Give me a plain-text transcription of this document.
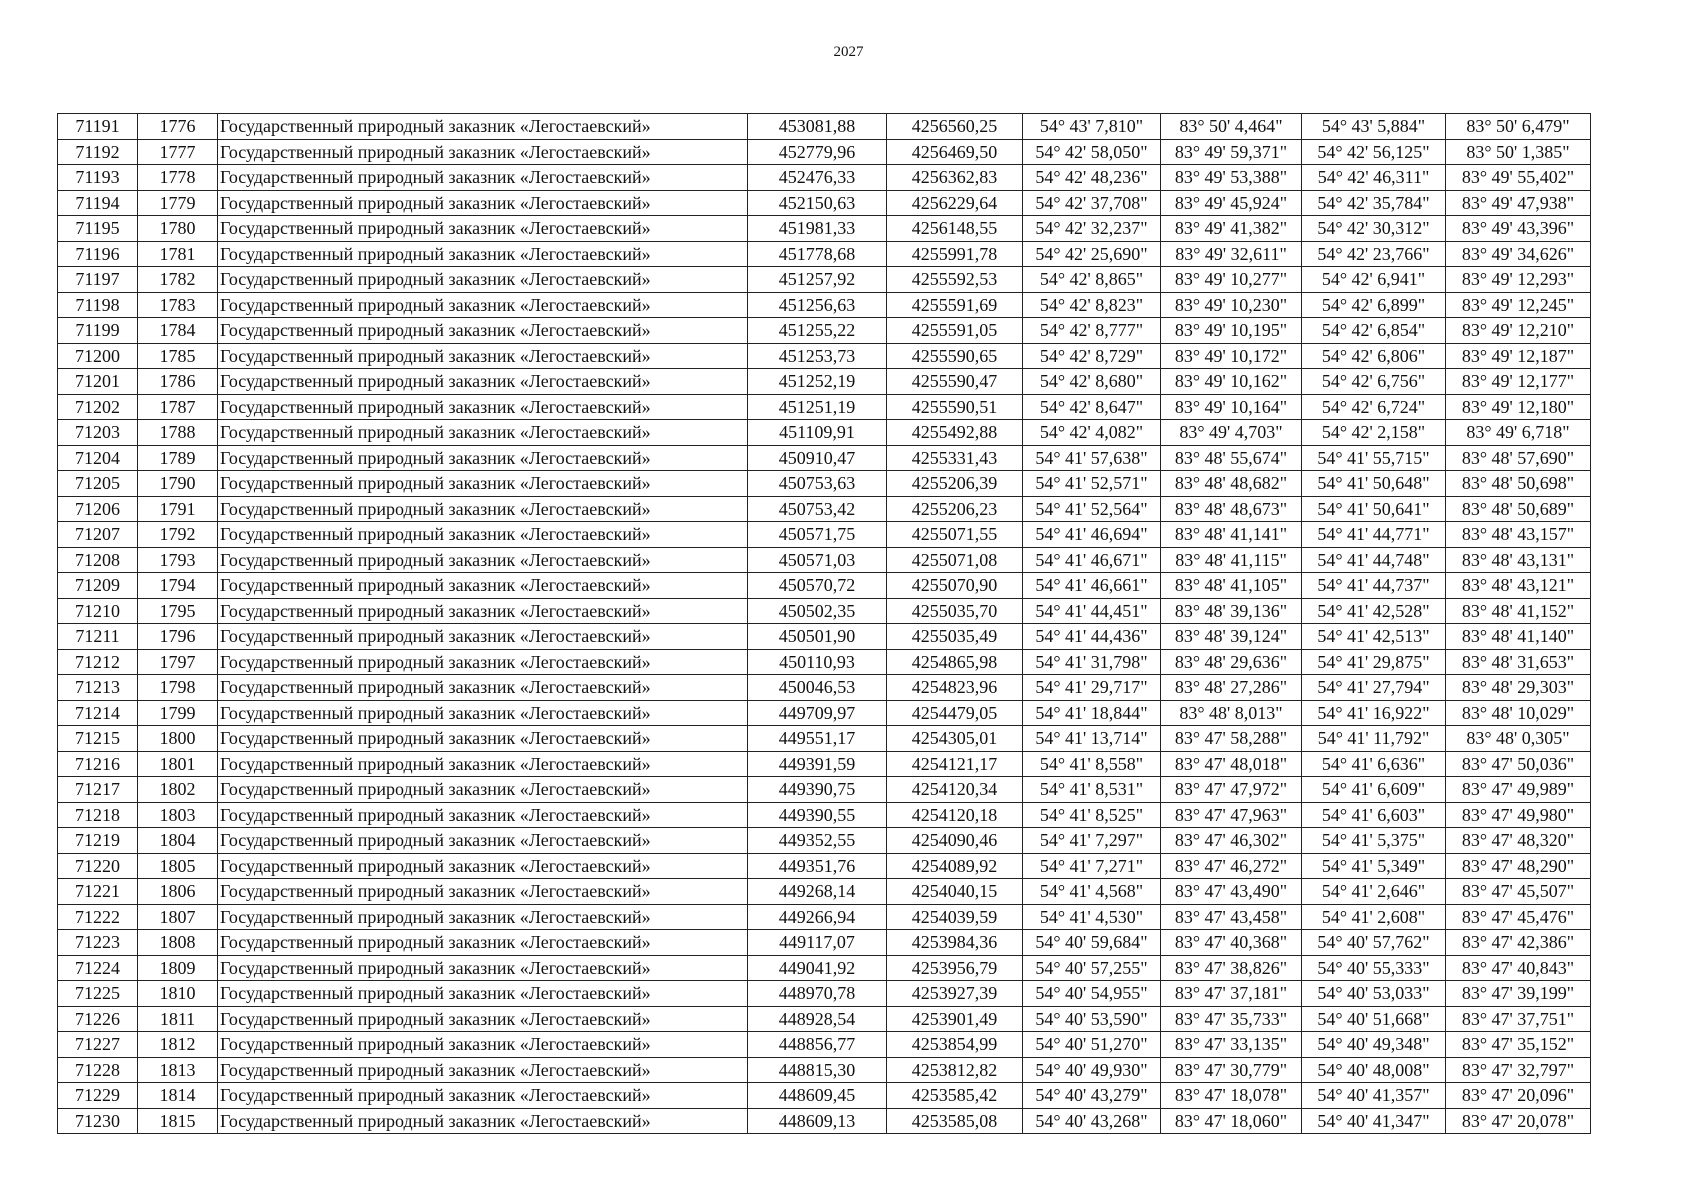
2027
71191	1776	Государственный природный заказник «Легостаевский»	453081,88	4256560,25	54° 43' 7,810"	83° 50' 4,464"	54° 43' 5,884"	83° 50' 6,479"
71192	1777	Государственный природный заказник «Легостаевский»	452779,96	4256469,50	54° 42' 58,050"	83° 49' 59,371"	54° 42' 56,125"	83° 50' 1,385"
71193	1778	Государственный природный заказник «Легостаевский»	452476,33	4256362,83	54° 42' 48,236"	83° 49' 53,388"	54° 42' 46,311"	83° 49' 55,402"
71194	1779	Государственный природный заказник «Легостаевский»	452150,63	4256229,64	54° 42' 37,708"	83° 49' 45,924"	54° 42' 35,784"	83° 49' 47,938"
71195	1780	Государственный природный заказник «Легостаевский»	451981,33	4256148,55	54° 42' 32,237"	83° 49' 41,382"	54° 42' 30,312"	83° 49' 43,396"
71196	1781	Государственный природный заказник «Легостаевский»	451778,68	4255991,78	54° 42' 25,690"	83° 49' 32,611"	54° 42' 23,766"	83° 49' 34,626"
71197	1782	Государственный природный заказник «Легостаевский»	451257,92	4255592,53	54° 42' 8,865"	83° 49' 10,277"	54° 42' 6,941"	83° 49' 12,293"
71198	1783	Государственный природный заказник «Легостаевский»	451256,63	4255591,69	54° 42' 8,823"	83° 49' 10,230"	54° 42' 6,899"	83° 49' 12,245"
71199	1784	Государственный природный заказник «Легостаевский»	451255,22	4255591,05	54° 42' 8,777"	83° 49' 10,195"	54° 42' 6,854"	83° 49' 12,210"
71200	1785	Государственный природный заказник «Легостаевский»	451253,73	4255590,65	54° 42' 8,729"	83° 49' 10,172"	54° 42' 6,806"	83° 49' 12,187"
71201	1786	Государственный природный заказник «Легостаевский»	451252,19	4255590,47	54° 42' 8,680"	83° 49' 10,162"	54° 42' 6,756"	83° 49' 12,177"
71202	1787	Государственный природный заказник «Легостаевский»	451251,19	4255590,51	54° 42' 8,647"	83° 49' 10,164"	54° 42' 6,724"	83° 49' 12,180"
71203	1788	Государственный природный заказник «Легостаевский»	451109,91	4255492,88	54° 42' 4,082"	83° 49' 4,703"	54° 42' 2,158"	83° 49' 6,718"
71204	1789	Государственный природный заказник «Легостаевский»	450910,47	4255331,43	54° 41' 57,638"	83° 48' 55,674"	54° 41' 55,715"	83° 48' 57,690"
71205	1790	Государственный природный заказник «Легостаевский»	450753,63	4255206,39	54° 41' 52,571"	83° 48' 48,682"	54° 41' 50,648"	83° 48' 50,698"
71206	1791	Государственный природный заказник «Легостаевский»	450753,42	4255206,23	54° 41' 52,564"	83° 48' 48,673"	54° 41' 50,641"	83° 48' 50,689"
71207	1792	Государственный природный заказник «Легостаевский»	450571,75	4255071,55	54° 41' 46,694"	83° 48' 41,141"	54° 41' 44,771"	83° 48' 43,157"
71208	1793	Государственный природный заказник «Легостаевский»	450571,03	4255071,08	54° 41' 46,671"	83° 48' 41,115"	54° 41' 44,748"	83° 48' 43,131"
71209	1794	Государственный природный заказник «Легостаевский»	450570,72	4255070,90	54° 41' 46,661"	83° 48' 41,105"	54° 41' 44,737"	83° 48' 43,121"
71210	1795	Государственный природный заказник «Легостаевский»	450502,35	4255035,70	54° 41' 44,451"	83° 48' 39,136"	54° 41' 42,528"	83° 48' 41,152"
71211	1796	Государственный природный заказник «Легостаевский»	450501,90	4255035,49	54° 41' 44,436"	83° 48' 39,124"	54° 41' 42,513"	83° 48' 41,140"
71212	1797	Государственный природный заказник «Легостаевский»	450110,93	4254865,98	54° 41' 31,798"	83° 48' 29,636"	54° 41' 29,875"	83° 48' 31,653"
71213	1798	Государственный природный заказник «Легостаевский»	450046,53	4254823,96	54° 41' 29,717"	83° 48' 27,286"	54° 41' 27,794"	83° 48' 29,303"
71214	1799	Государственный природный заказник «Легостаевский»	449709,97	4254479,05	54° 41' 18,844"	83° 48' 8,013"	54° 41' 16,922"	83° 48' 10,029"
71215	1800	Государственный природный заказник «Легостаевский»	449551,17	4254305,01	54° 41' 13,714"	83° 47' 58,288"	54° 41' 11,792"	83° 48' 0,305"
71216	1801	Государственный природный заказник «Легостаевский»	449391,59	4254121,17	54° 41' 8,558"	83° 47' 48,018"	54° 41' 6,636"	83° 47' 50,036"
71217	1802	Государственный природный заказник «Легостаевский»	449390,75	4254120,34	54° 41' 8,531"	83° 47' 47,972"	54° 41' 6,609"	83° 47' 49,989"
71218	1803	Государственный природный заказник «Легостаевский»	449390,55	4254120,18	54° 41' 8,525"	83° 47' 47,963"	54° 41' 6,603"	83° 47' 49,980"
71219	1804	Государственный природный заказник «Легостаевский»	449352,55	4254090,46	54° 41' 7,297"	83° 47' 46,302"	54° 41' 5,375"	83° 47' 48,320"
71220	1805	Государственный природный заказник «Легостаевский»	449351,76	4254089,92	54° 41' 7,271"	83° 47' 46,272"	54° 41' 5,349"	83° 47' 48,290"
71221	1806	Государственный природный заказник «Легостаевский»	449268,14	4254040,15	54° 41' 4,568"	83° 47' 43,490"	54° 41' 2,646"	83° 47' 45,507"
71222	1807	Государственный природный заказник «Легостаевский»	449266,94	4254039,59	54° 41' 4,530"	83° 47' 43,458"	54° 41' 2,608"	83° 47' 45,476"
71223	1808	Государственный природный заказник «Легостаевский»	449117,07	4253984,36	54° 40' 59,684"	83° 47' 40,368"	54° 40' 57,762"	83° 47' 42,386"
71224	1809	Государственный природный заказник «Легостаевский»	449041,92	4253956,79	54° 40' 57,255"	83° 47' 38,826"	54° 40' 55,333"	83° 47' 40,843"
71225	1810	Государственный природный заказник «Легостаевский»	448970,78	4253927,39	54° 40' 54,955"	83° 47' 37,181"	54° 40' 53,033"	83° 47' 39,199"
71226	1811	Государственный природный заказник «Легостаевский»	448928,54	4253901,49	54° 40' 53,590"	83° 47' 35,733"	54° 40' 51,668"	83° 47' 37,751"
71227	1812	Государственный природный заказник «Легостаевский»	448856,77	4253854,99	54° 40' 51,270"	83° 47' 33,135"	54° 40' 49,348"	83° 47' 35,152"
71228	1813	Государственный природный заказник «Легостаевский»	448815,30	4253812,82	54° 40' 49,930"	83° 47' 30,779"	54° 40' 48,008"	83° 47' 32,797"
71229	1814	Государственный природный заказник «Легостаевский»	448609,45	4253585,42	54° 40' 43,279"	83° 47' 18,078"	54° 40' 41,357"	83° 47' 20,096"
71230	1815	Государственный природный заказник «Легостаевский»	448609,13	4253585,08	54° 40' 43,268"	83° 47' 18,060"	54° 40' 41,347"	83° 47' 20,078"
